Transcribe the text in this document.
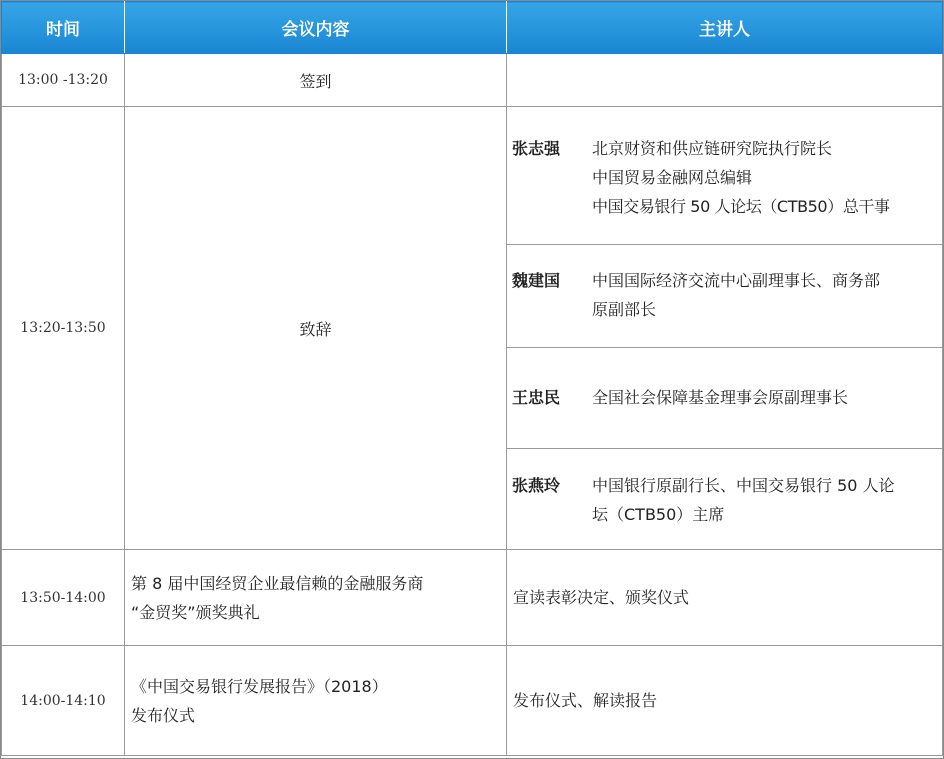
时间	会议内容	主讲人
13:00 -13:20	签到	
13:20-13:50	致辞	张志强 北京财资和供应链研究院执行院长
中国贸易金融网总编辑
中国交易银行 50 人论坛（CTB50）总干事

		魏建国 中国国际经济交流中心副理事长、商务部
原副部长

		王忠民 全国社会保障基金理事会原副理事长

		张燕玲 中国银行原副行长、中国交易银行 50 人论
坛（CTB50）主席

13:50-14:00	第 8 届中国经贸企业最信赖的金融服务商
“金贸奖”颁奖典礼	宣读表彰决定、颁奖仪式
14:00-14:10	《中国交易银行发展报告》（2018）
发布仪式	发布仪式、解读报告
